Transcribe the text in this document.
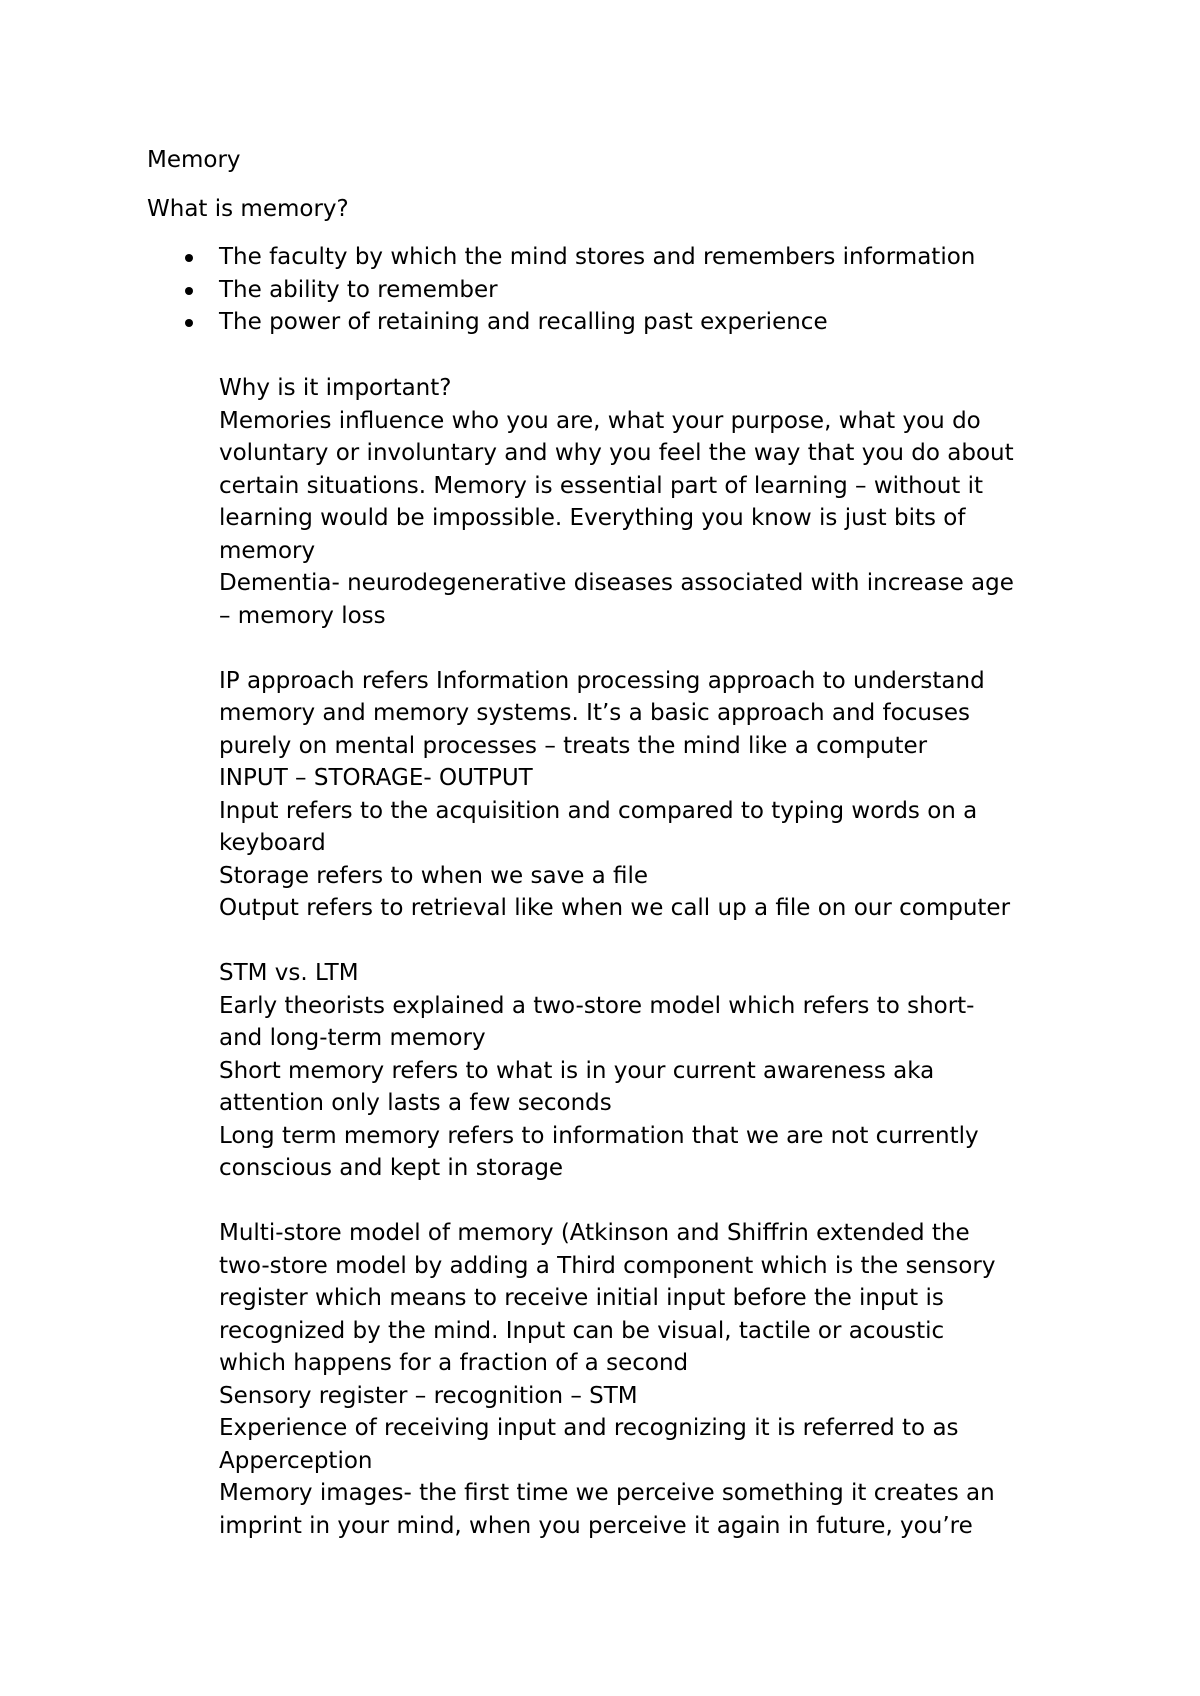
Memory

What is memory?

The faculty by which the mind stores and remembers information
The ability to remember
The power of retaining and recalling past experience

Why is it important?

Memories influence who you are, what your purpose, what you do

voluntary or involuntary and why you feel the way that you do about

certain situations. Memory is essential part of learning – without it

learning would be impossible. Everything you know is just bits of

memory

Dementia- neurodegenerative diseases associated with increase age

– memory loss

IP approach refers Information processing approach to understand

memory and memory systems. It’s a basic approach and focuses

purely on mental processes – treats the mind like a computer

INPUT – STORAGE- OUTPUT

Input refers to the acquisition and compared to typing words on a

keyboard

Storage refers to when we save a file

Output refers to retrieval like when we call up a file on our computer

STM vs. LTM

Early theorists explained a two-store model which refers to short-

and long-term memory

Short memory refers to what is in your current awareness aka

attention only lasts a few seconds

Long term memory refers to information that we are not currently

conscious and kept in storage

Multi-store model of memory (Atkinson and Shiffrin extended the

two-store model by adding a Third component which is the sensory

register which means to receive initial input before the input is

recognized by the mind. Input can be visual, tactile or acoustic

which happens for a fraction of a second

Sensory register – recognition – STM

Experience of receiving input and recognizing it is referred to as

Apperception

Memory images- the first time we perceive something it creates an

imprint in your mind, when you perceive it again in future, you’re
